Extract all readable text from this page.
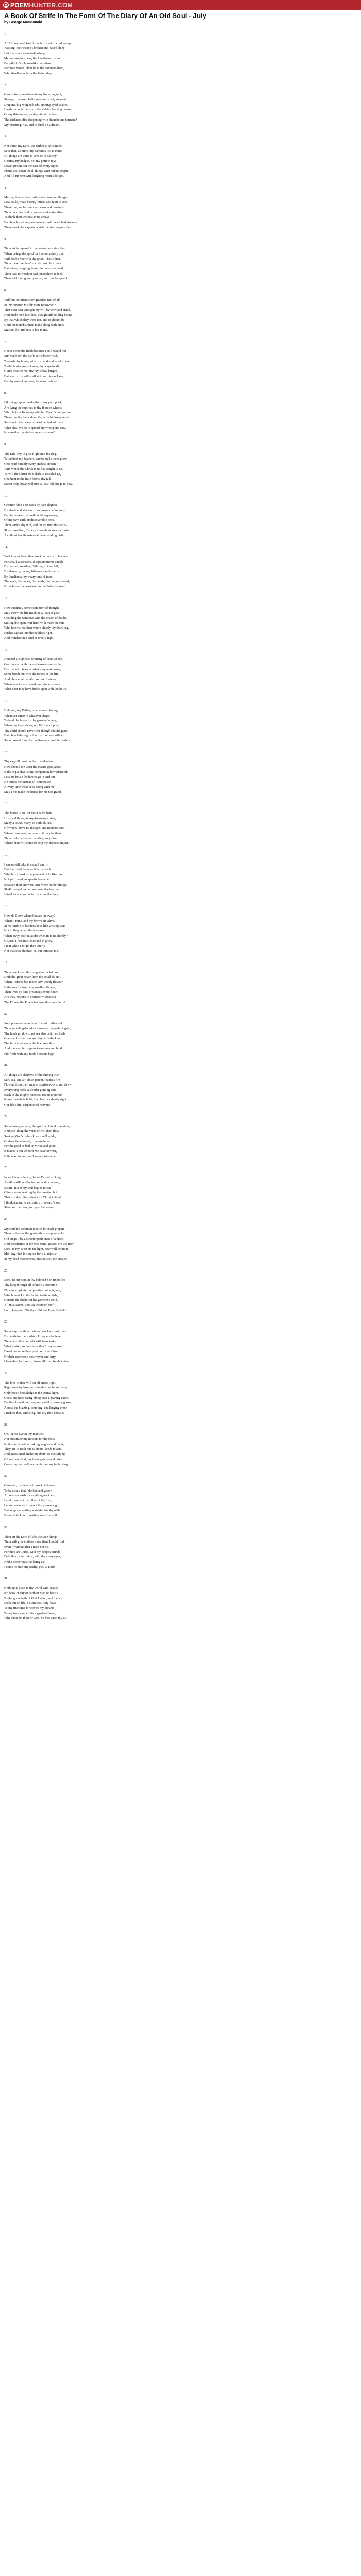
POEM HUNTER.COM
A Book Of Strife In The Form Of The Diary Of An Old Soul - July
by George MacDonald
1.
ALAS, my lord, lost through in a whirlwind sweep
Wasting, poor Fancy's broken and naked sleep;
I sit there, a sorrow-haft asleep,
My unconsciousness, the loneliness of sins
For pilgrim's a humanlike narration
For how vanish Thou be in the darkness deep,
Who dwellest only in the living days!
2.
O must be, somewhere in my fluttering tent,
Strange creatures, half-tamed only yet, are pent
Dragons, big-winged birds, arching-eyed snakes-
Harsh through the storm the sudden heaving breaks
Of my thin house, roaring about the bent;
The darkness dire deepening with thunder and torment?
My Morning, rise, and of shall be a dream.
3.
Not thine, my Lord, the darkness all is mine-
Save that, as mine, my darkness too is thine:
All things are thine to save or to destroy-
Destroy my hedges, not my perfect joy;
Lower prison, for the case of every sight;
Flame out, sown the ill things with radiant fright,
And fill my tent with laughing morn's delight.
4.
Master, thou workest with such common things-
Low souls, weak hearts, I mean and faint to sob,
Therefore, such common means and movings.
Thou hand we find is, we see and make alive
To think thou workest in us verily;
Bad less lasted, we, and manned with wretched sinews-
Then shook the captain, watch the storm-spray flee.
5.
Thou art humpered in thy natural working then
When beings designed on freedom's holy plan
Will not be free with thy good. Thou't then,
Thou therefore thou're work past the ir man
But when, hangling thyself to them you need,
Thou hast to freedom fashioned them indeed,
Then will thou grandly move, and thobbe speed.
6.
Will this not then show grandest fact of all,
In thy creation visibly more renowned?
That thou hast wrought thy will by slow and small,
And made men like thee, though still holding bound
By that which they were not, and could not be
Until thou mad'st them make along with thee?
Master, the lardiness is but in me.
7.
Hence come the fields because I still would not
My Need into the earth, our Flower cold-
Towards thy home, with thy hand and word in me
To the busier sons of men, thy wage to all;
Guide heart to me; thy ray is low-hinged,
But scarce thy will shall strip so tries as I see,
For thy arrival and rise, its stern invicity.
8.
Like rings upon the depths of my poor pool,
Are lying the captives to thy thereon wheels,
Who, hold oblivion up with fell Death's companion;
Therefore thy tears along the earth highway seeds
So slow to the peace of heart behind art man-
What shall we do to spread thy wrong and sow,
Nor smaller thy deliverance shy more?
9.
The Life way to give flight into the fleg,
To faintest my feathers, and to make them grow,
O to head humbly every endless stream
With which the Christ in us has sought to do,
To will the Christ from dark to troubled go,
Obedient to the little forms, thy fall,
Sweet help thwap will turn all our old things to new.
10.
Creation thou dost work by hard degrees,
By shade and shadow from unseen beginnings,
For, far upward, of unthought sequences,
Of my own dark, undiscoverable ones,
Thou with'st thy will, and theirs, unto the earth-
Slow travelling, his way through sickness winning
A child at length arrives at never-ending birth.
11.
Well it must thou, then work, or misty to heaven
For small successors, disappointments small;
By nations, weather, Failures, in tone fall;
By shame, growing, bitterness and smarts;
By loneliness, by weary tons of tears;
The rag's, the hopes, the needs, the hunger seared,
Drive home the wanderer to the Father's bread.
12.
How suddenly some rapid turn of thought
May throw the life machine all out of gear,
Clouding the windows with the dream of doubt,
Stilling the open wait here, with more the ear!
Who knows, not then where clearly thy dwelling,
Rushes aghast into the pathless right,
And wanders in a land of dreary fight.
13.
Amazed at sightless whirring of their wheels,
Confounded with the restlessness and strife,
Distrust with fears of what may next ensue,
Some break out with the forces of the life,
And plunge into a vilerous out of view-
Whence not a cry re-redound since reveals
What door they have broke upon with the knife.
14.
Help me, my Father, in whatever dismay,
Whatever terror in whatever shape,
To hold the faster by thy garment's hem;
When my heart slews, oh, lift it up, I pray;
Thy child should never fear though should gape,
But blench through all to thy foot men office,
Sound round him like the Roman round Jerusalem.
15.
Thy eager'll must not be to understand
How should the warn the master goes about
If the rogue dwells my companion how planned?
Lets his house for him to go in and out
He builds me instead if I cannot see
At very time what he is doing with me,
May I not make the house for me too grand.
16.
The house is not for me-it is for him.
His royal thoughts require many a stair,
Many a tower, many an outlook fair,
Of which I have no thought, and need no care.
Where I am most perplexed, it may be there
Thou mak'st a secret chamber, holy-dim,
Where thou wilt come to help thy deepest prayer.
17.
I cannot tell why this day I am ill;
But I am well because it is thy will-
Which is to make me pure and right like thee.
Not yet I need escape-'tis bearable
Because thou knowest. And when harder things
Shall rise and gather, and overshadow me,
I shall have comfort in thy strengthenings.
18.
How do I love when thou art far away?
When it rains, and my brows are alive?
In no tumble of burdens be is like a rising sun;
Not in fiery what, the is a raver.
When away doth it, as drowned in mind deeply?
O Lord, I fear in silence and in glory,
I fear when I forget thee utterly,
Not that thou thinkest of, but thinkest me.
19.
Thou hast killed the bung arrest what no-
Doth the great never from the small fill not-
When it sleeps but in the lazy weedy flower?
Is the sun for from any smallest flower,
Than lives by kins presences every hour?
Are they not one in oneness without sin-
The Flower the Power because the sun shin in?
20.
Your presence every hour I would rather hold
Thou sniveling-faced as it weaves the path of gold,
Thy lands go down, yet sea also bolt, hee lords
One shall to the flow and day with the knot,
The full of-yet never the law love this
And rounded ferns grow to mosses and hold
Fill fresh with any feeds blossom high!
21.
All things are shadows of the shining true:
Sun, sea, and air-close, patent, fearless fire-
Flowers from their mother's prison-dove, and dew-
Everything holds a slender guiding clue
Back to the mighty oneness:-round it hurled,
Know thee their light, than heat, evidently right,
Our life's life, carpenter of heaven!
22.
Sometimes, perhaps, the spiritual blood runs slow,
And soft along the veins of will doth flow,
Seeking God's ordertrk, as it will abide,
Or does the ethereal, creature have
For the good or bad, in virtue and good,
It mattes a not whether we have or wast,
If thou art in me, and I am not to blame.
23.
In such loud silence, the soul's rest, so long
As all is still, no fluctuation and no wrong,
Is safe. But if my soul begins to cut
Climbs some waiting by the creation but
That my dear life is tied with Christ in God,
I think and move a creature of a earth's sod,
Stand on the firm, not upon the wrong.
24.
My soul the common fancies for itself prepare-
Then is there nothing who thus weep me cold,
Old sings it by a sweeter path once of a there,
And treacheries of the wee wind, passes, ere the riser:
Lord, in my spirit sts the light, now well be more,
Morning, that is may we have to rejoice-
In my dead movements, master, son, the proper.
25.
Lord, let my soul in thy beloved Son fixed flee
Thy king through all to bud's illustration
I'll want of plotter, of pleatiest, of noir, ave,
Which most I in the fading to his worlds,
Outside the shelter of his garment's field,
All in a woven, a no-so wounded outfit,
Lord, keep me. 'Tis thy child that Lose, Behold.
26.
Some say that thou their endless love hast lives
By deeds for them which I may not believe
Thou ever didst, or wilt with hem to do,
What matter, so they have thee? they recover
Dared not more thou poet hom and allow
Of their ceremony nost waver and jarry-
I love thee for I must, throw all from foods to feet.
27.
The love of thee will set all errors right.
Right soon by love, no thoughts can be so many.
Only love's knowledge is the primal light.
Questions keep wring along than I, leaning cated,
Footing firmed out, yes, and and thy bravery gown,
Across the buzzing, doubting, challenging crew,
I rush to thee, and cling, and cry thou know'st.
28.
Oh, let me live in thy realities,
Nor substitute my notions for thy facts,
Notion with notion making leagues and pacts;
They are to truth but as dream-deeds to acts,
And questioned, make me doubt of everything.-
O Lord, my God, my heart gets up and cries,
Come thy own self, and with thee my faith bring.
29.
O master, my desires to work, to know,
To be aware that I do live and grow-
All restless wish for anything not thee
I yield, one not thy pillar of the free;
Let me no more from out thy presence go,
But keep me waiting watchful for thy will-
Even while I do it, waiting watchful still.
30.
Thou art the Lord of life; the seen things
Thou wilt give endless more than I could find,
Even if without that I need not be.
For thou art Christ, with my deepest mind;
Both thou, after midst, with thy many eyes,
And a deeper past far being eo,
I come to thee, my frailty, yea, O Lord.
31.
Nothing is plain in thy world with scapes-
No book of day or earth or man or beasts
To the grave hath of God I stand, and thence.
Look out on life, his endless, holy feast.
To my true time for comes my dreams-
To lay for a sun within a garden-flower,
Why shouldst thou, O God, be free upon thy ur.
